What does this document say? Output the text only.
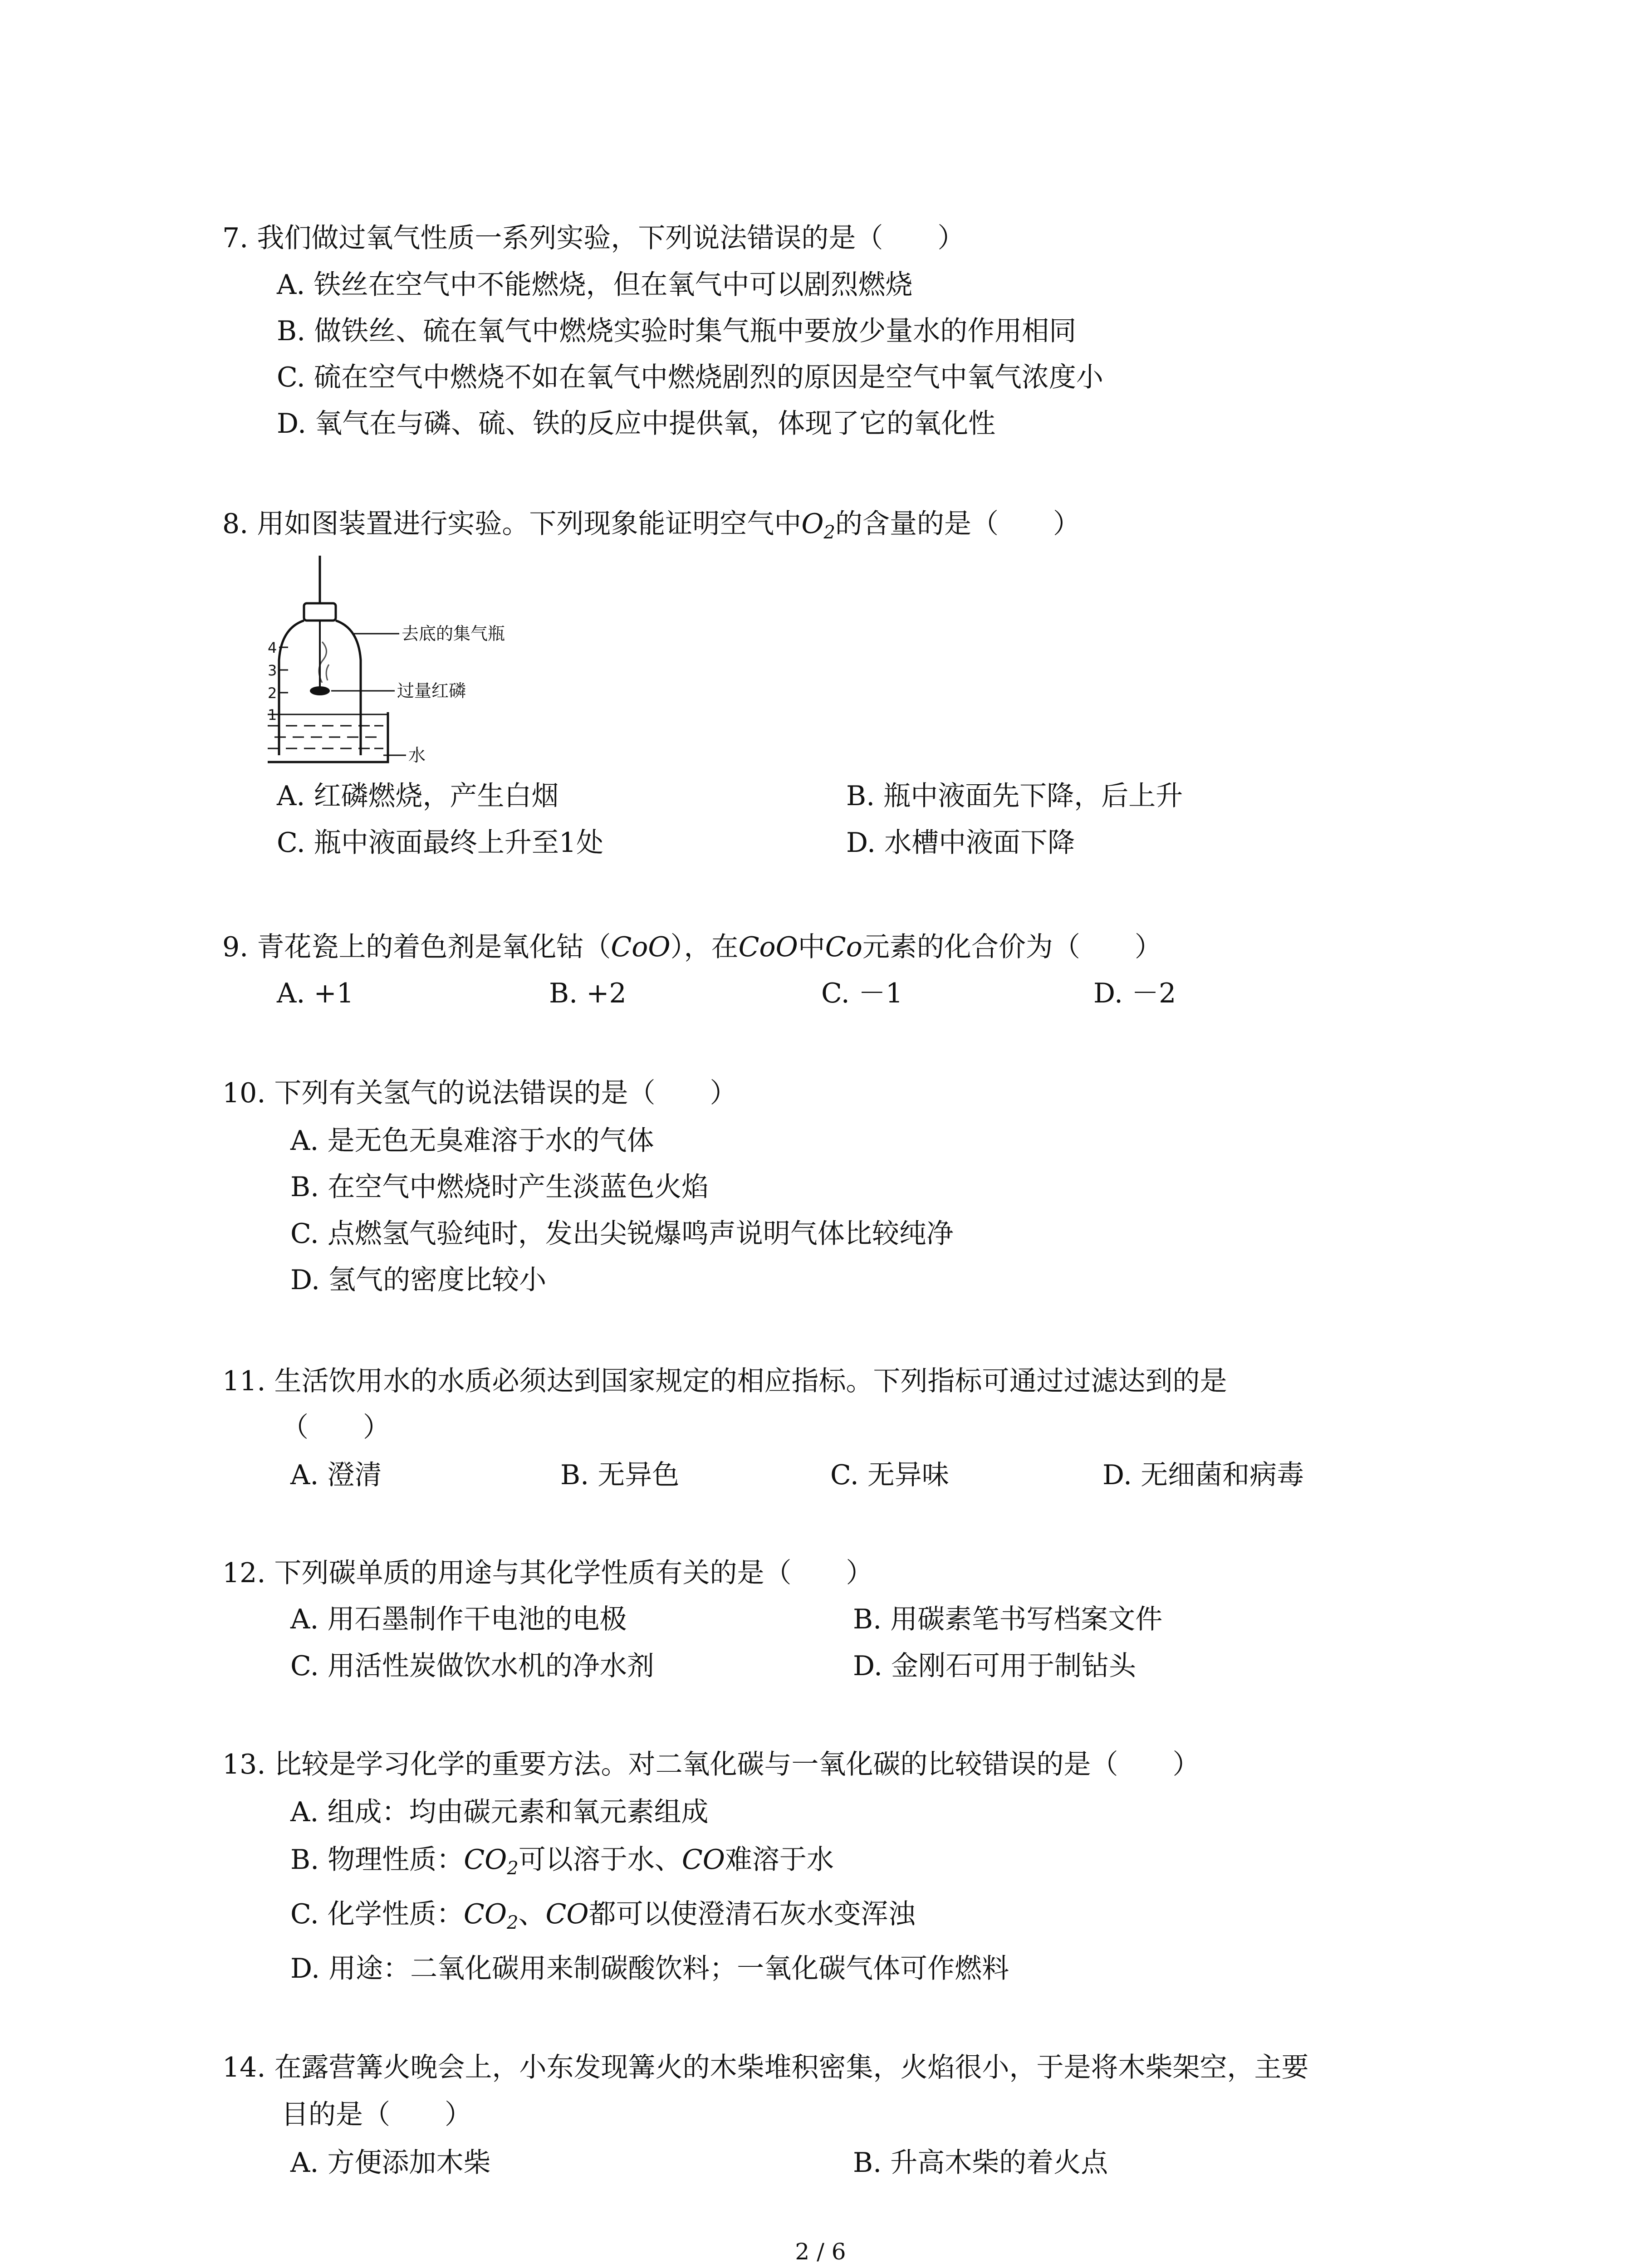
7. 我们做过氧气性质一系列实验，下列说法错误的是（　　）
A. 铁丝在空气中不能燃烧，但在氧气中可以剧烈燃烧
B. 做铁丝、硫在氧气中燃烧实验时集气瓶中要放少量水的作用相同
C. 硫在空气中燃烧不如在氧气中燃烧剧烈的原因是空气中氧气浓度小
D. 氧气在与磷、硫、铁的反应中提供氧，体现了它的氧化性
8. 用如图装置进行实验。下列现象能证明空气中$O_2$的含量的是（　　）
4
3
2
1
去底的集气瓶
过量红磷
水
A. 红磷燃烧，产生白烟	B. 瓶中液面先下降，后上升
C. 瓶中液面最终上升至1处	D. 水槽中液面下降
9. 青花瓷上的着色剂是氧化钴（CoO），在CoO中Co元素的化合价为（　　）
A. +1	B. +2	C. －1	D. －2
10. 下列有关氢气的说法错误的是（　　）
A. 是无色无臭难溶于水的气体
B. 在空气中燃烧时产生淡蓝色火焰
C. 点燃氢气验纯时，发出尖锐爆鸣声说明气体比较纯净
D. 氢气的密度比较小
11. 生活饮用水的水质必须达到国家规定的相应指标。下列指标可通过过滤达到的是
（　　）
A. 澄清	B. 无异色	C. 无异味	D. 无细菌和病毒
12. 下列碳单质的用途与其化学性质有关的是（　　）
A. 用石墨制作干电池的电极	B. 用碳素笔书写档案文件
C. 用活性炭做饮水机的净水剂	D. 金刚石可用于制钻头
13. 比较是学习化学的重要方法。对二氧化碳与一氧化碳的比较错误的是（　　）
A. 组成：均由碳元素和氧元素组成
B. 物理性质：$CO_2$可以溶于水、CO难溶于水
C. 化学性质：$CO_2$、CO都可以使澄清石灰水变浑浊
D. 用途：二氧化碳用来制碳酸饮料；一氧化碳气体可作燃料
14. 在露营篝火晚会上，小东发现篝火的木柴堆积密集，火焰很小，于是将木柴架空，主要
目的是（　　）
A. 方便添加木柴	B. 升高木柴的着火点
2 / 6
